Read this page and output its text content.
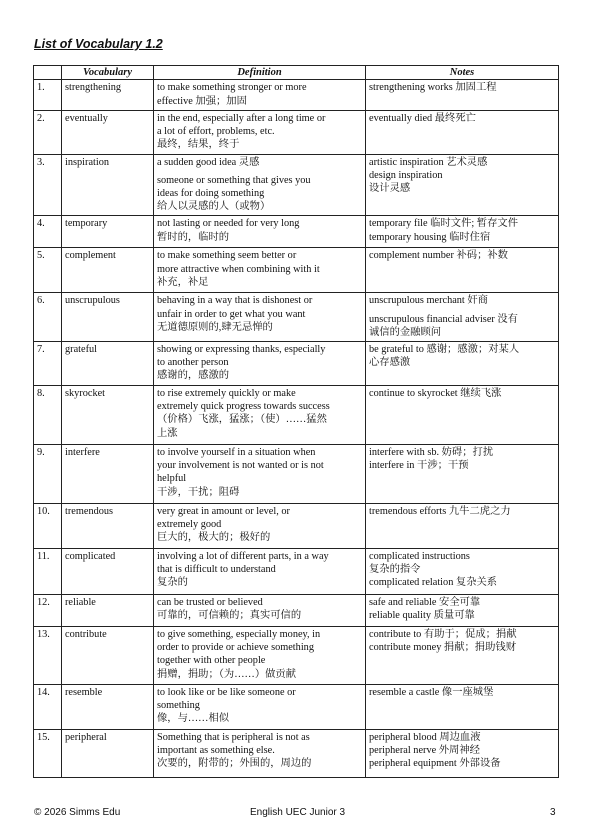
List of Vocabulary 1.2
	Vocabulary	Definition	Notes
1.	strengthening	to make something stronger or more
effective 加强；加固	strengthening works 加固工程

2.	eventually	in the end, especially after a long time or
a lot of effort, problems, etc.
最终，结果，终于	eventually died 最终死亡

3.	inspiration	a sudden good idea 灵感
someone or something that gives you
ideas for doing something
给人以灵感的人（或物）	artistic inspiration 艺术灵感
design inspiration
设计灵感

4.	temporary	not lasting or needed for very long
暂时的，临时的	temporary file 临时文件; 暂存文件
temporary housing 临时住宿

5.	complement	to make something seem better or
more attractive when combining with it
补充，补足	complement number 补码；补数

6.	unscrupulous	behaving in a way that is dishonest or
unfair in order to get what you want
无道德原则的,肆无忌惮的	unscrupulous merchant 奸商
unscrupulous financial adviser 没有
诚信的金融顾问

7.	grateful	showing or expressing thanks, especially
to another person
感谢的，感激的	be grateful to 感谢；感激；对某人
心存感激

8.	skyrocket	to rise extremely quickly or make
extremely quick progress towards success
（价格）飞涨，猛涨；（使）……猛然
上涨	continue to skyrocket 继续飞涨

9.	interfere	to involve yourself in a situation when
your involvement is not wanted or is not
helpful
干涉，干扰；阻碍	interfere with sb. 妨碍；打扰
interfere in 干涉；干预

10.	tremendous	very great in amount or level, or
extremely good
巨大的，极大的；极好的	tremendous efforts 九牛二虎之力

11.	complicated	involving a lot of different parts, in a way
that is difficult to understand
复杂的	complicated instructions
复杂的指令
complicated relation 复杂关系

12.	reliable	can be trusted or believed
可靠的，可信赖的；真实可信的	safe and reliable 安全可靠
reliable quality 质量可靠

13.	contribute	to give something, especially money, in
order to provide or achieve something
together with other people
捐赠，捐助；（为……）做贡献	contribute to 有助于；促成；捐献
contribute money 捐献；捐助钱财

14.	resemble	to look like or be like someone or
something
像，与……相似	resemble a castle 像一座城堡

15.	peripheral	Something that is peripheral is not as
important as something else.
次要的，附带的；外围的，周边的	peripheral blood 周边血液
peripheral nerve 外周神经
peripheral equipment 外部设备
© 2026 Simms Edu	English UEC Junior 3	3
